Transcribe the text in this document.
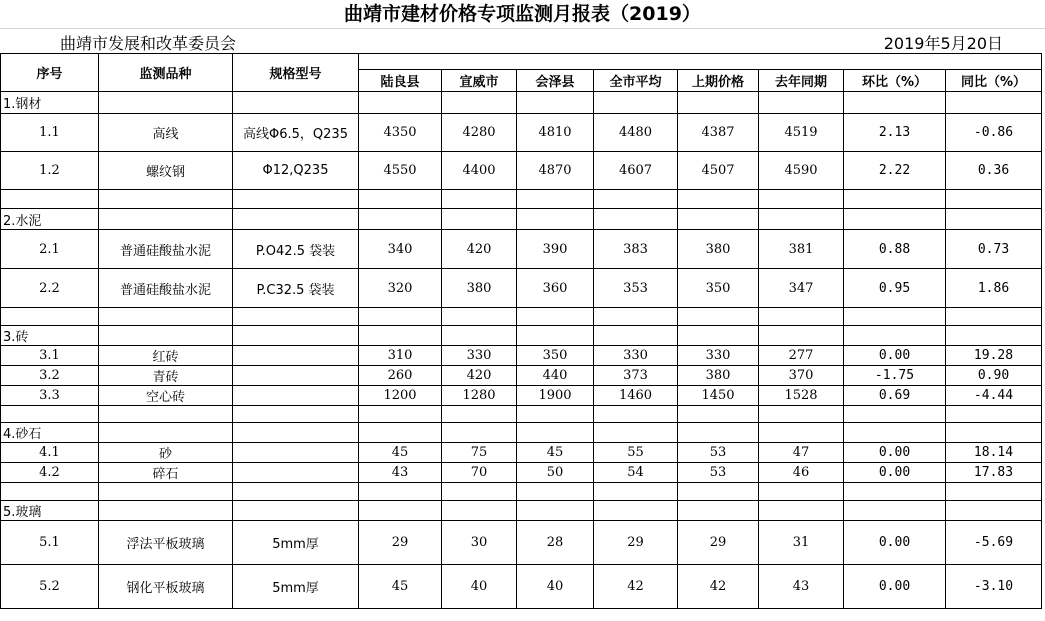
曲靖市建材价格专项监测月报表（2019）
曲靖市发展和改革委员会	2019年5月20日
序号	监测品种	规格型号								
			陆良县	宣威市	会泽县	全市平均	上期价格	去年同期	环比（%）	同比（%）
1.钢材										
1.1	高线	高线Φ6.5，Q235	4350	4280	4810	4480	4387	4519	2.13	-0.86
1.2	螺纹钢	Φ12,Q235	4550	4400	4870	4607	4507	4590	2.22	0.36

2.水泥										
2.1	普通硅酸盐水泥	P.O42.5 袋装	340	420	390	383	380	381	0.88	0.73
2.2	普通硅酸盐水泥	P.C32.5 袋装	320	380	360	353	350	347	0.95	1.86

3.砖										
3.1	红砖		310	330	350	330	330	277	0.00	19.28
3.2	青砖		260	420	440	373	380	370	-1.75	0.90
3.3	空心砖		1200	1280	1900	1460	1450	1528	0.69	-4.44

4.砂石										
4.1	砂		45	75	45	55	53	47	0.00	18.14
4.2	碎石		43	70	50	54	53	46	0.00	17.83

5.玻璃										
5.1	浮法平板玻璃	5mm厚	29	30	28	29	29	31	0.00	-5.69
5.2	钢化平板玻璃	5mm厚	45	40	40	42	42	43	0.00	-3.10
